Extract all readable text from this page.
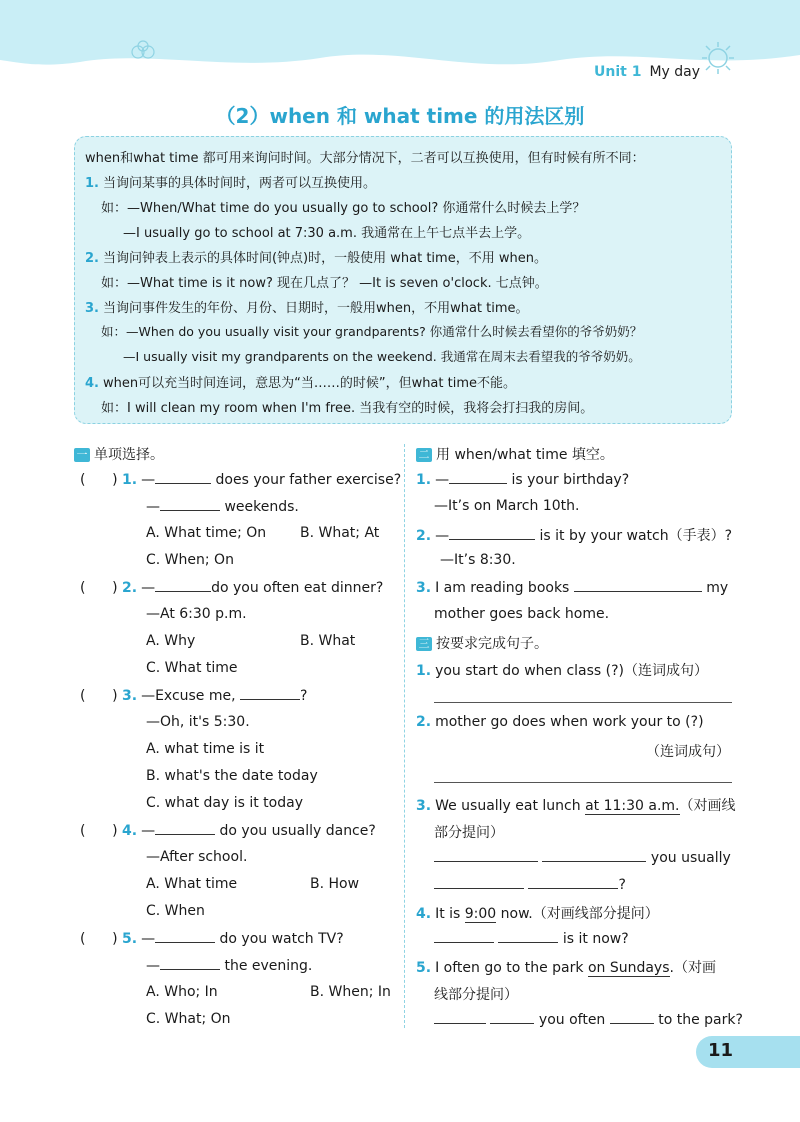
Unit 1 My day
（2）when 和 what time 的用法区别
when和what time 都可用来询问时间。大部分情况下，二者可以互换使用，但有时候有所不同：
1. 当询问某事的具体时间时，两者可以互换使用。
如：—When/What time do you usually go to school? 你通常什么时候去上学？
—I usually go to school at 7:30 a.m. 我通常在上午七点半去上学。
2. 当询问钟表上表示的具体时间(钟点)时，一般使用 what time，不用 when。
如：—What time is it now? 现在几点了？ —It is seven o'clock. 七点钟。
3. 当询问事件发生的年份、月份、日期时，一般用when，不用what time。
如：—When do you usually visit your grandparents? 你通常什么时候去看望你的爷爷奶奶？
—I usually visit my grandparents on the weekend. 我通常在周末去看望我的爷爷奶奶。
4. when可以充当时间连词，意思为“当……的时候”，但what time不能。
如：I will clean my room when I'm free. 当我有空的时候，我将会打扫我的房间。
一 单项选择。
(      ) 1. —	does your father exercise?
—	weekends.
A. What time; On B. What; At
C. When; On
(      ) 2. —	do you often eat dinner?
—At 6:30 p.m.
A. Why	B. What
C. What time
(      ) 3. —Excuse me,	?
—Oh, it's 5:30.
A. what time is it
B. what's the date today
C. what day is it today
(      ) 4. —	do you usually dance?
—After school.
A. What time	B. How
C. When
(      ) 5. —	do you watch TV?
—	the evening.
A. Who; In	B. When; In
C. What; On
二 用 when/what time 填空。
1. —	is your birthday?
—It’s on March 10th.
2. —	is it by your watch（手表）?
—It’s 8:30.
3. I am reading books	my
mother goes back home.
三 按要求完成句子。
1. you start do when class (?)（连词成句）
2. mother go does when work your to (?)
（连词成句）
3. We usually eat lunch at 11:30 a.m.（对画线
部分提问）
you usually
?
4. It is 9:00 now.（对画线部分提问）
is it now?
5. I often go to the park on Sundays.（对画
线部分提问）
you often	to the park?
11
